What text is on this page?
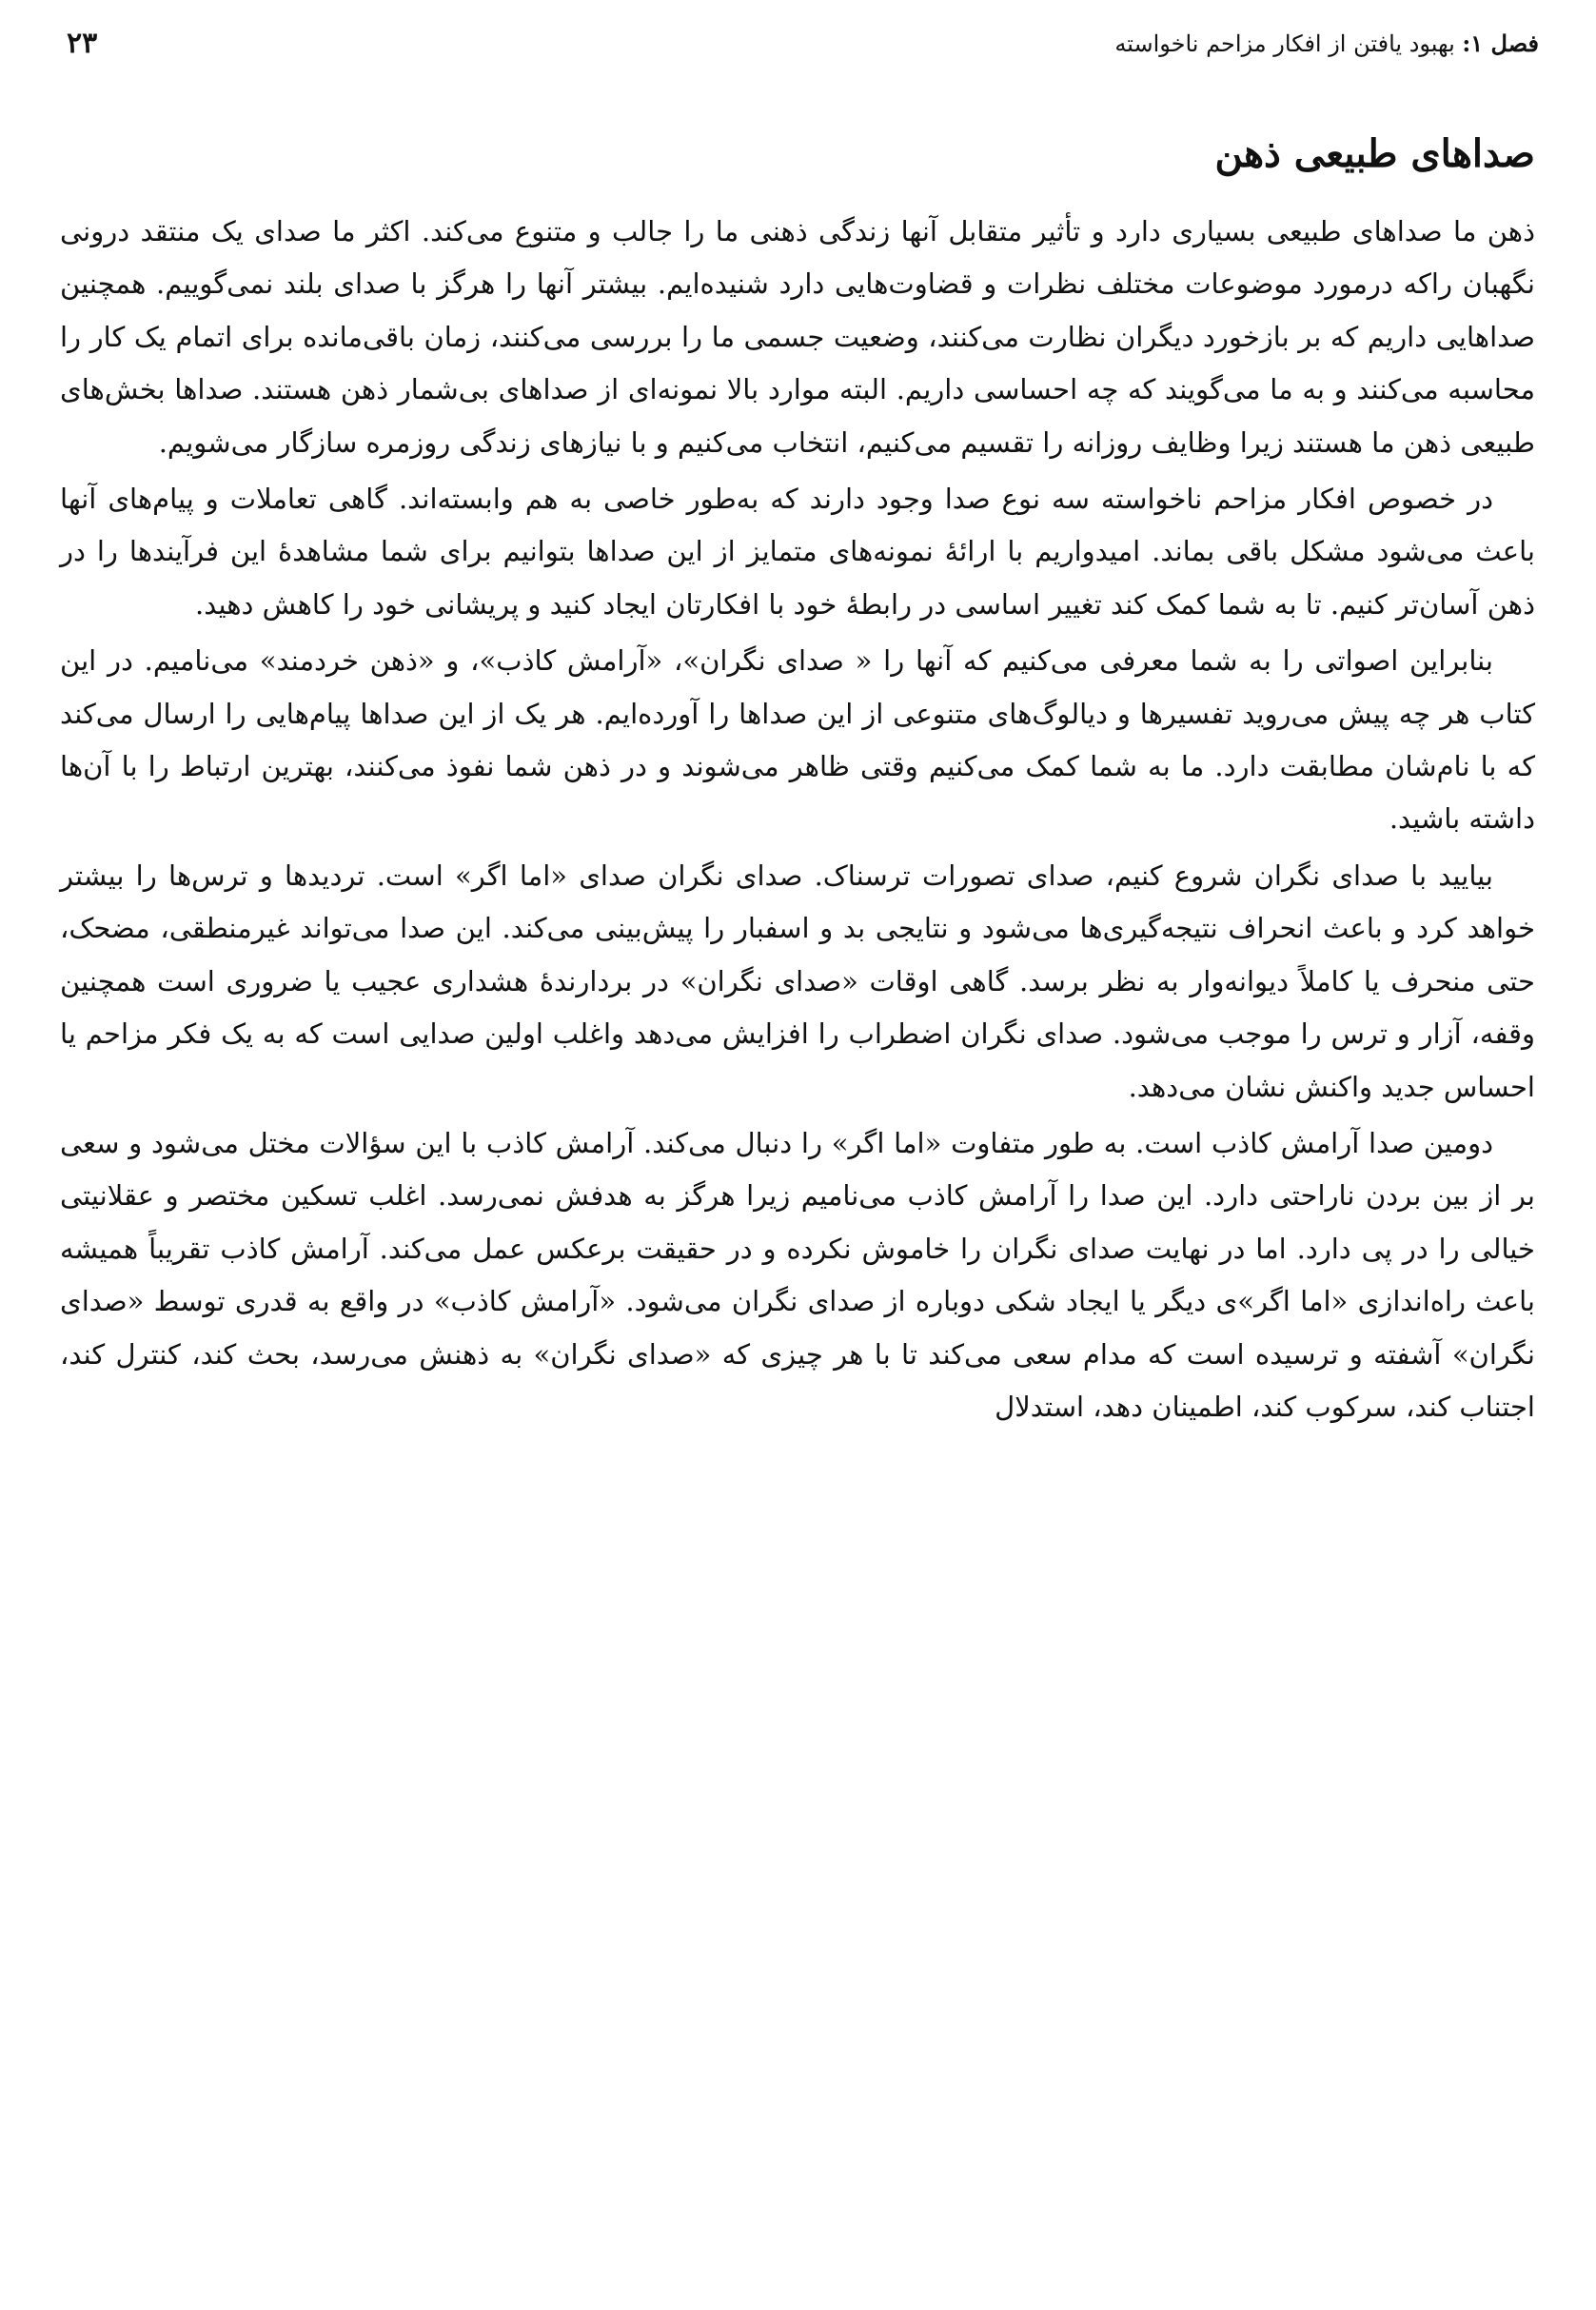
فصل ۱: بهبود یافتن از افکار مزاحم ناخواسته
۲۳
صداهای طبیعی ذهن

ذهن ما صداهای طبیعی بسیاری دارد و تأثیر متقابل آنها زندگی ذهنی ما را جالب و متنوع می‌کند. اکثر ما صدای یک منتقد درونی نگهبان راکه درمورد موضوعات مختلف نظرات و قضاوت‌هایی دارد شنیده‌ایم. بیشتر آنها را هرگز با صدای بلند نمی‌گوییم. همچنین صداهایی داریم که بر بازخورد دیگران نظارت می‌کنند، وضعیت جسمی ما را بررسی می‌کنند، زمان باقی‌مانده برای اتمام یک کار را محاسبه می‌کنند و به ما می‌گویند که چه احساسی داریم. البته موارد بالا نمونه‌ای از صداهای بی‌شمار ذهن هستند. صداها بخش‌های طبیعی ذهن ما هستند زیرا وظایف روزانه را تقسیم می‌کنیم، انتخاب می‌کنیم و با نیازهای زندگی روزمره سازگار می‌شویم.

در خصوص افکار مزاحم ناخواسته سه نوع صدا وجود دارند که به‌طور خاصی به هم وابسته‌اند. گاهی تعاملات و پیام‌های آنها باعث می‌شود مشکل باقی بماند. امیدواریم با ارائهٔ نمونه‌های متمایز از این صداها بتوانیم برای شما مشاهدهٔ این فرآیندها را در ذهن آسان‌تر کنیم. تا به شما کمک کند تغییر اساسی در رابطهٔ خود با افکارتان ایجاد کنید و پریشانی خود را کاهش دهید.

بنابراین اصواتی را به شما معرفی می‌کنیم که آنها را « صدای نگران»، «آرامش کاذب»، و «ذهن خردمند» می‌نامیم. در این کتاب هر چه پیش می‌روید تفسیرها و دیالوگ‌های متنوعی از این صداها را آورده‌ایم. هر یک از این صداها پیام‌هایی را ارسال می‌کند که با نام‌شان مطابقت دارد. ما به شما کمک می‌کنیم وقتی ظاهر می‌شوند و در ذهن شما نفوذ می‌کنند، بهترین ارتباط را با آن‌ها داشته باشید.

بیایید با صدای نگران شروع کنیم، صدای تصورات ترسناک. صدای نگران صدای «اما اگر» است. تردیدها و ترس‌ها را بیشتر خواهد کرد و باعث انحراف نتیجه‌گیری‌ها می‌شود و نتایجی بد و اسفبار را پیش‌بینی می‌کند. این صدا می‌تواند غیرمنطقی، مضحک، حتی منحرف یا کاملاً دیوانه‌وار به نظر برسد. گاهی اوقات «صدای نگران» در بردارندهٔ هشداری عجیب یا ضروری است همچنین وقفه، آزار و ترس را موجب می‌شود. صدای نگران اضطراب را افزایش می‌دهد واغلب اولین صدایی است که به یک فکر مزاحم یا احساس جدید واکنش نشان می‌دهد.

دومین صدا آرامش کاذب است. به طور متفاوت «اما اگر» را دنبال می‌کند. آرامش کاذب با این سؤالات مختل می‌شود و سعی بر از بین بردن ناراحتی دارد. این صدا را آرامش کاذب می‌نامیم زیرا هرگز به هدفش نمی‌رسد. اغلب تسکین مختصر و عقلانیتی خیالی را در پی دارد. اما در نهایت صدای نگران را خاموش نکرده و در حقیقت برعکس عمل می‌کند. آرامش کاذب تقریباً همیشه باعث راه‌اندازی «اما اگر»ی دیگر یا ایجاد شکی دوباره از صدای نگران می‌شود. «آرامش کاذب» در واقع به قدری توسط «صدای نگران» آشفته و ترسیده است که مدام سعی می‌کند تا با هر چیزی که «صدای نگران» به ذهنش می‌رسد، بحث کند، کنترل کند، اجتناب کند، سرکوب کند، اطمینان دهد، استدلال
